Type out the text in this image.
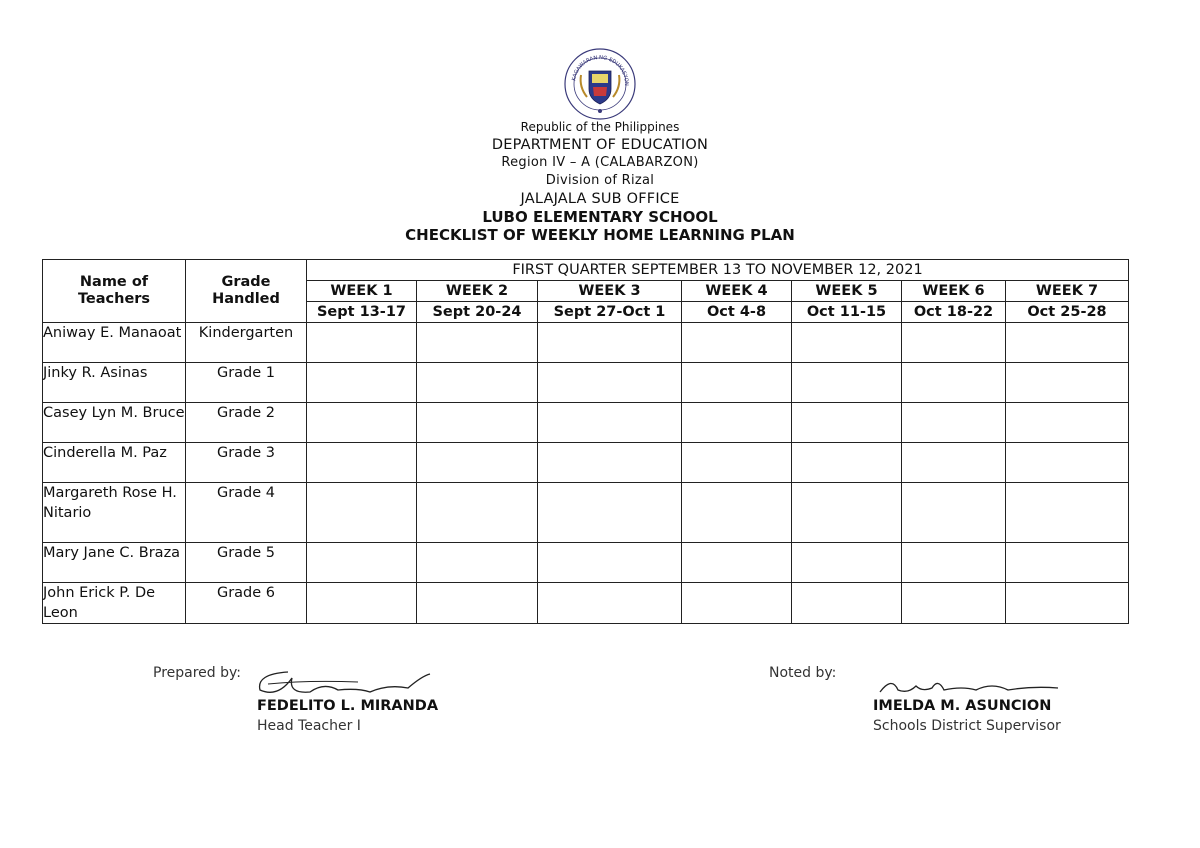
KAGAWARAN NG EDUKASYON
Republic of the Philippines
DEPARTMENT OF EDUCATION
Region IV – A (CALABARZON)
Division of Rizal
JALAJALA SUB OFFICE
LUBO ELEMENTARY SCHOOL
CHECKLIST OF WEEKLY HOME LEARNING PLAN
Name of Teachers	Grade Handled	FIRST QUARTER SEPTEMBER 13 TO NOVEMBER 12, 2021						
		WEEK 1	WEEK 2	WEEK 3	WEEK 4	WEEK 5	WEEK 6	WEEK 7
		Sept 13-17	Sept 20-24	Sept 27-Oct 1	Oct 4-8	Oct 11-15	Oct 18-22	Oct 25-28
Aniway E. Manaoat	Kindergarten							
Jinky R. Asinas	Grade 1							
Casey Lyn M. Bruce	Grade 2							
Cinderella M. Paz	Grade 3							
Margareth Rose H. Nitario	Grade 4							
Mary Jane C. Braza	Grade 5							
John Erick P. De Leon	Grade 6							
Prepared by:
FEDELITO L. MIRANDA
Head Teacher I
Noted by:
IMELDA M. ASUNCION
Schools District Supervisor
